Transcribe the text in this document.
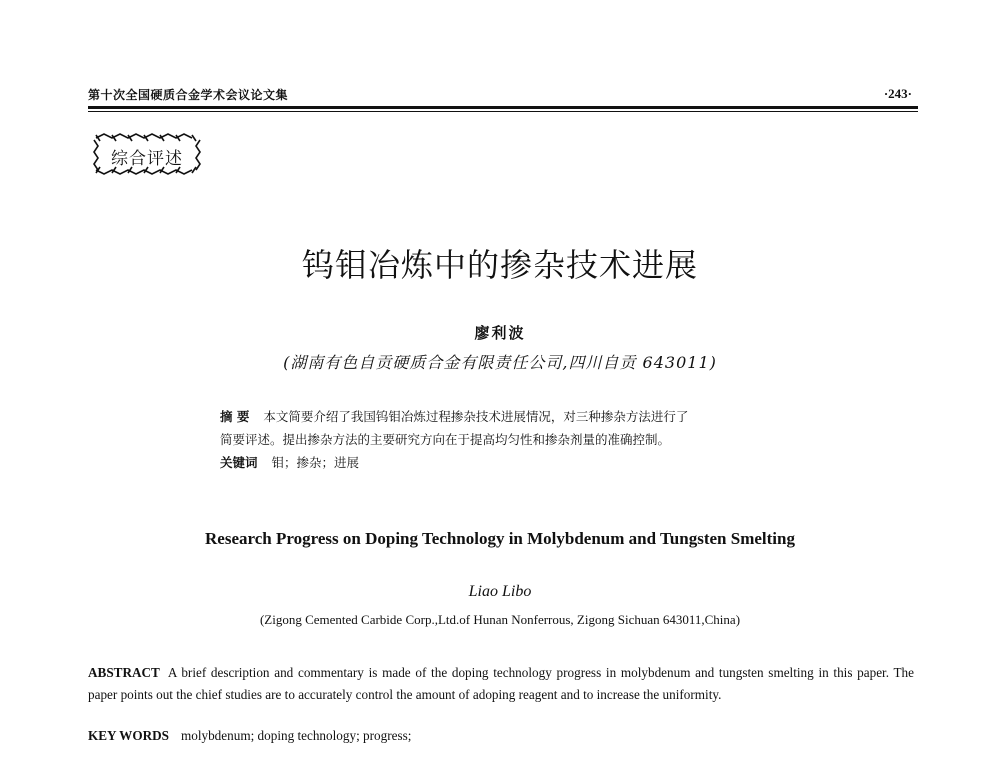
第十次全国硬质合金学术会议论文集	·243·
综合评述
钨钼冶炼中的掺杂技术进展
廖利波
(湖南有色自贡硬质合金有限责任公司,四川自贡 643011)
摘 要 本文简要介绍了我国钨钼冶炼过程掺杂技术进展情况，对三种掺杂方法进行了
简要评述。提出掺杂方法的主要研究方向在于提高均匀性和掺杂剂量的准确控制。
关键词 钼；掺杂；进展
Research Progress on Doping Technology in Molybdenum and Tungsten Smelting
Liao Libo
(Zigong Cemented Carbide Corp.,Ltd.of Hunan Nonferrous, Zigong Sichuan 643011,China)
ABSTRACT A brief description and commentary is made of the doping technology progress in molybdenum and tungsten smelting in this paper. The paper points out the chief studies are to accurately control the amount of adoping reagent and to increase the uniformity.
KEY WORDS molybdenum; doping technology; progress;
